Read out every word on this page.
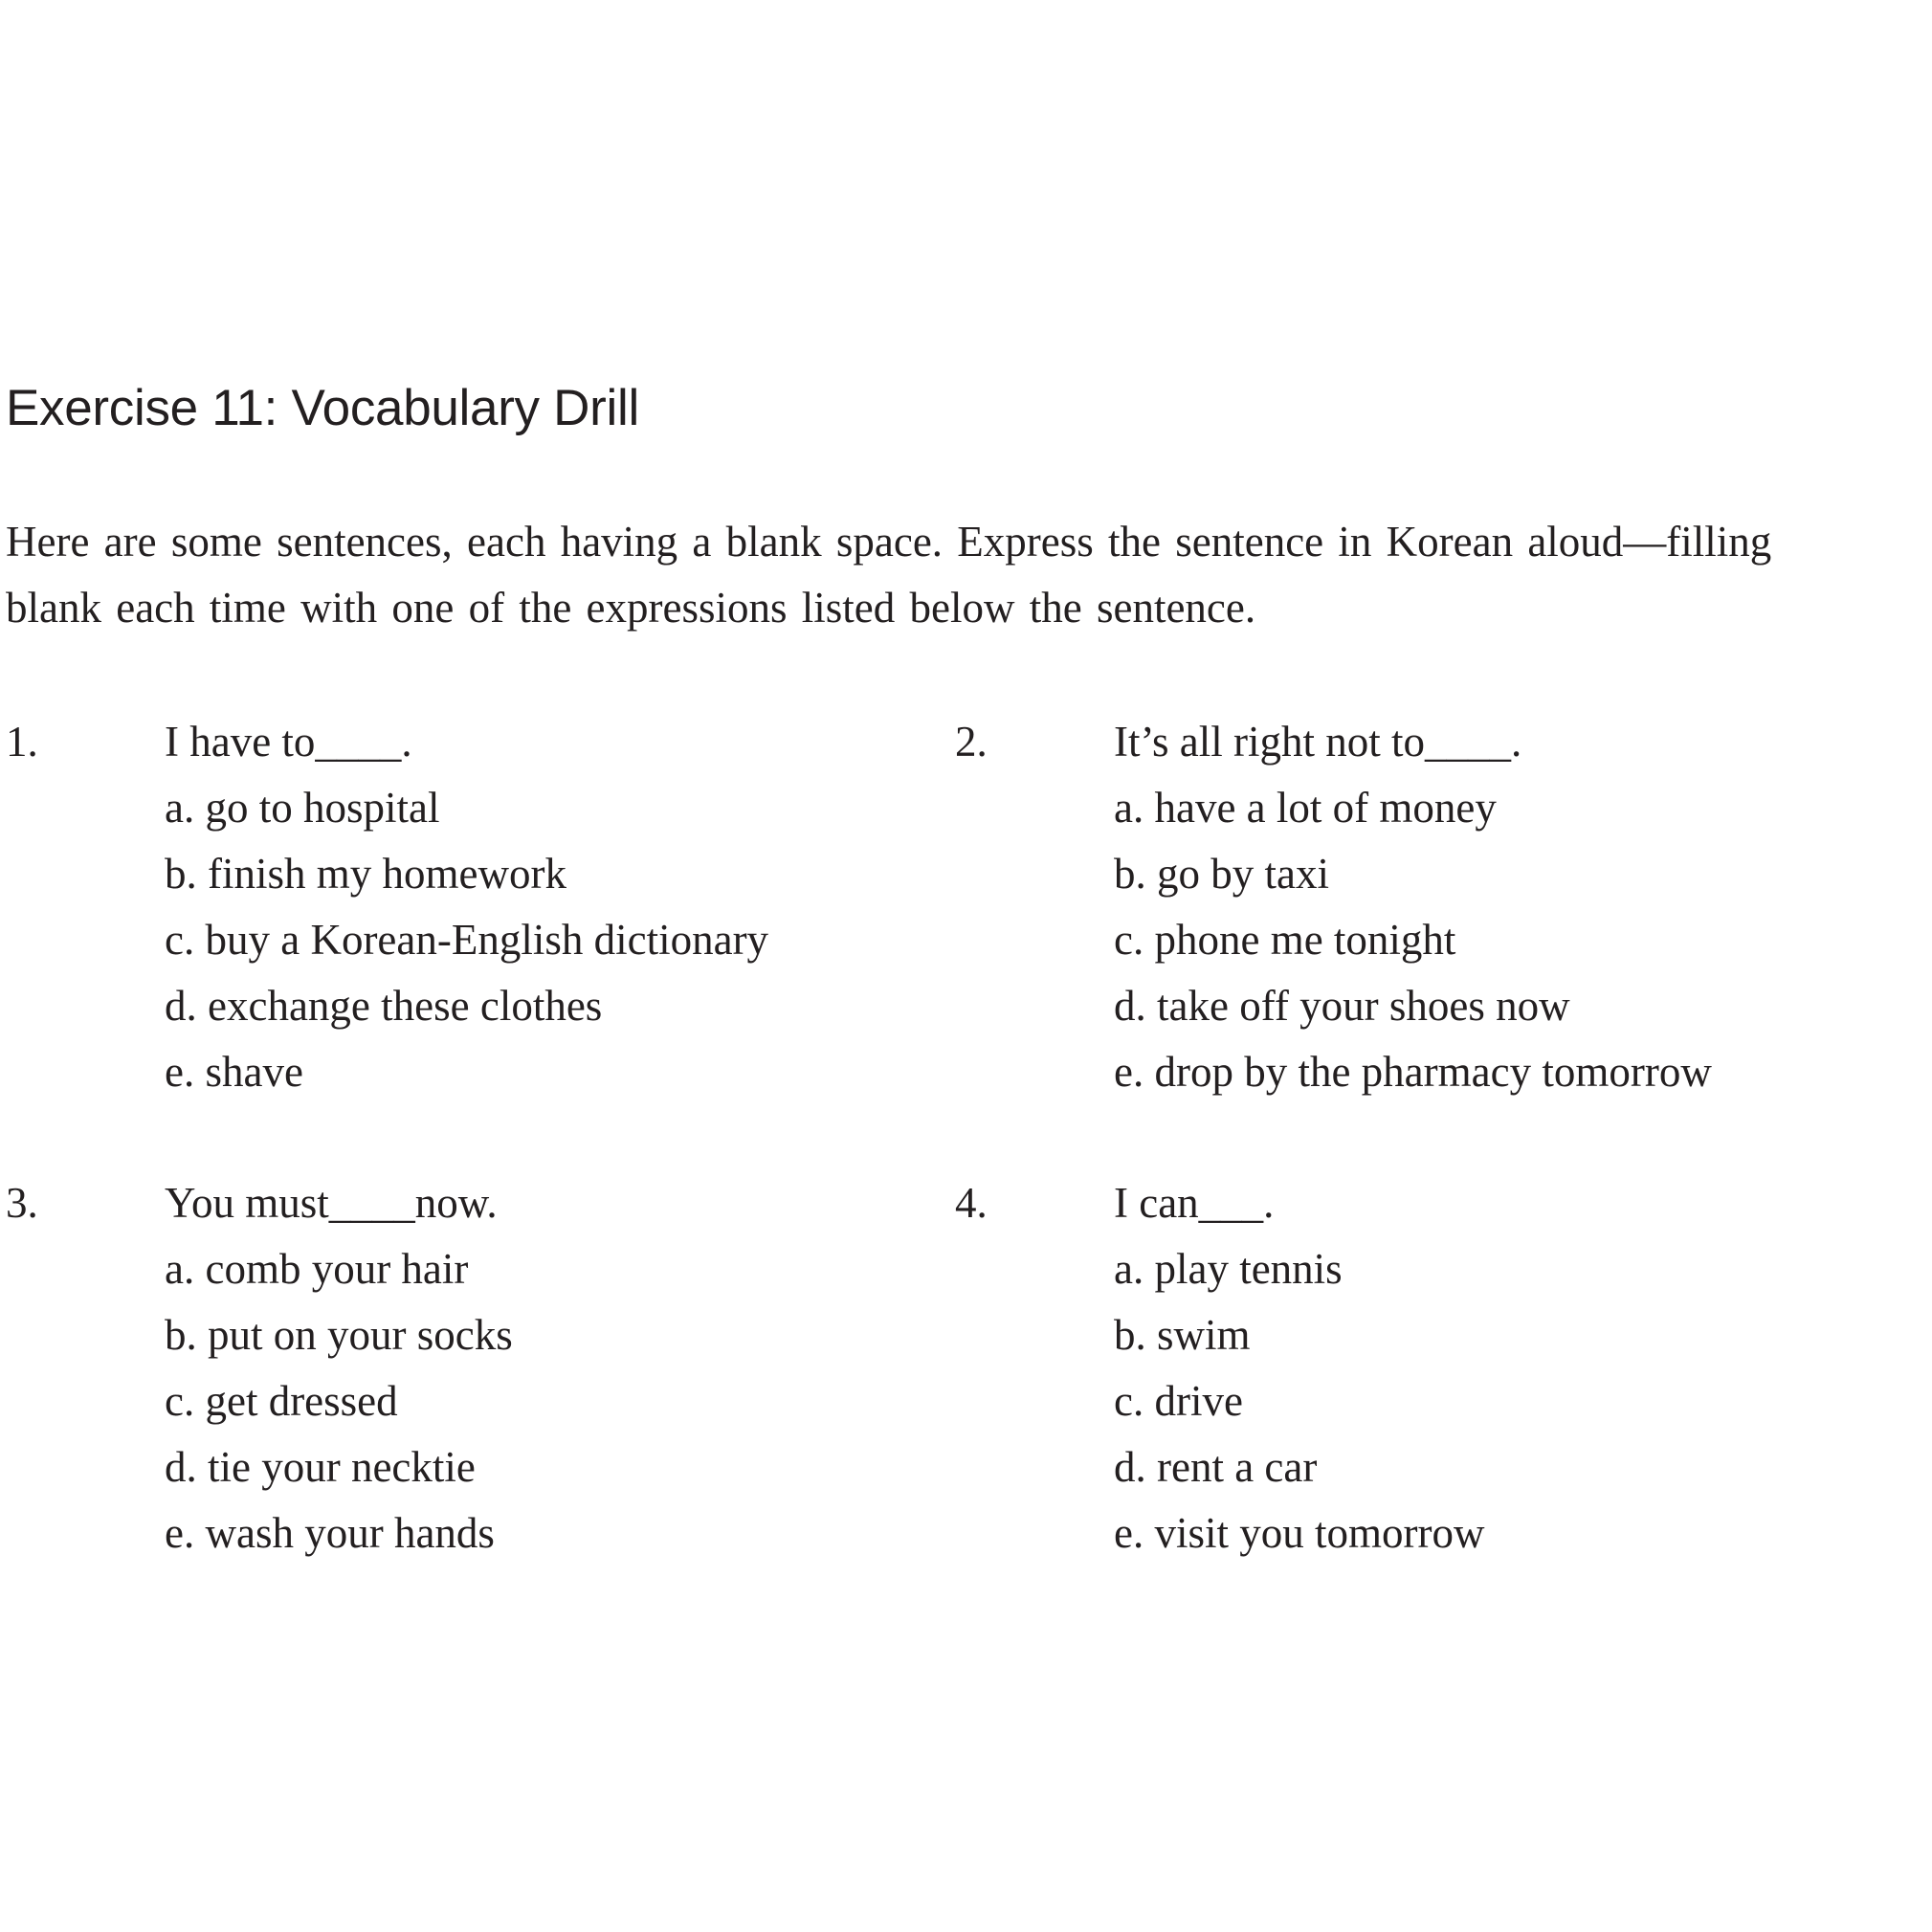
Exercise 11: Vocabulary Drill
Here are some sentences, each having a blank space. Express the sentence in Korean aloud—filling
blank each time with one of the expressions listed below the sentence.
1.	I have to____.
a. go to hospital
b. finish my homework
c. buy a Korean-English dictionary
d. exchange these clothes
e. shave
2.	It’s all right not to____.
a. have a lot of money
b. go by taxi
c. phone me tonight
d. take off your shoes now
e. drop by the pharmacy tomorrow
3.	You must____now.
a. comb your hair
b. put on your socks
c. get dressed
d. tie your necktie
e. wash your hands
4.	I can___.
a. play tennis
b. swim
c. drive
d. rent a car
e. visit you tomorrow
